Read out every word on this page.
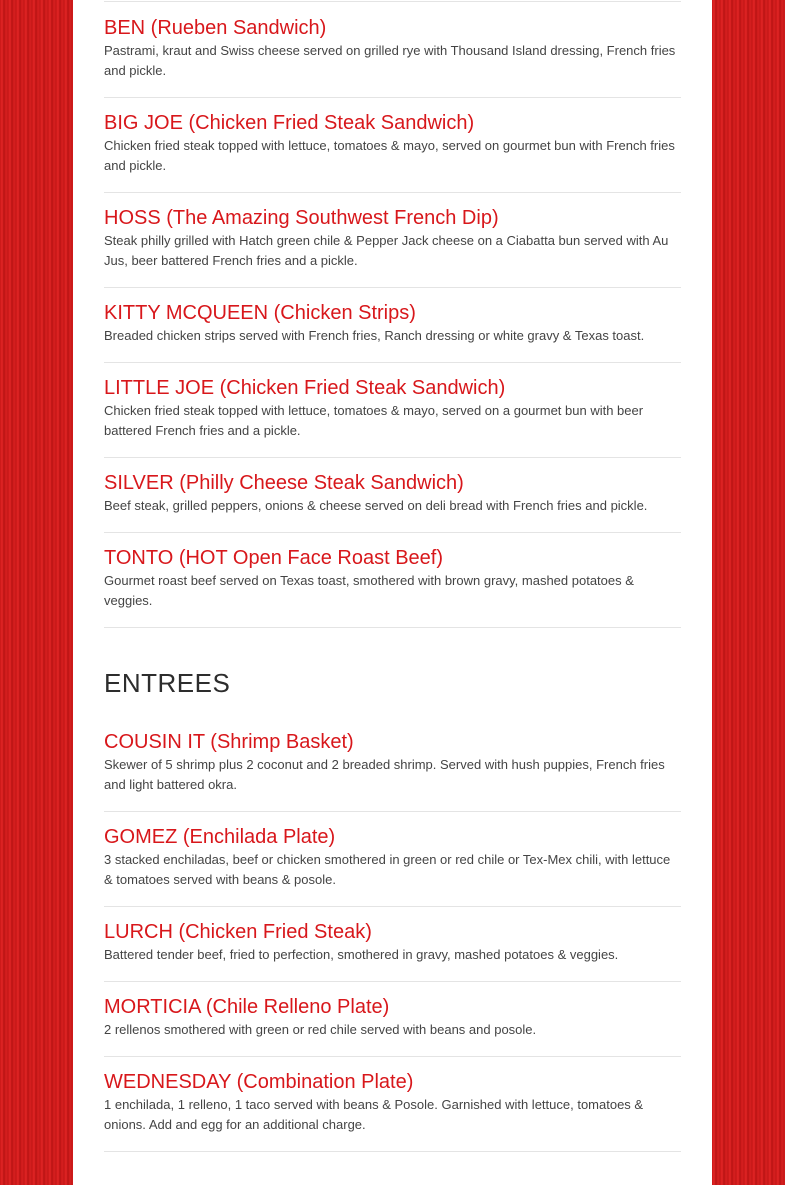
BEN (Rueben Sandwich)

Pastrami, kraut and Swiss cheese served on grilled rye with Thousand Island dressing, French fries and pickle.

BIG JOE (Chicken Fried Steak Sandwich)

Chicken fried steak topped with lettuce, tomatoes & mayo, served on gourmet bun with French fries and pickle.

HOSS (The Amazing Southwest French Dip)

Steak philly grilled with Hatch green chile & Pepper Jack cheese on a Ciabatta bun served with Au Jus, beer battered French fries and a pickle.

KITTY MCQUEEN (Chicken Strips)

Breaded chicken strips served with French fries, Ranch dressing or white gravy & Texas toast.

LITTLE JOE (Chicken Fried Steak Sandwich)

Chicken fried steak topped with lettuce, tomatoes & mayo, served on a gourmet bun with beer battered French fries and a pickle.

SILVER (Philly Cheese Steak Sandwich)

Beef steak, grilled peppers, onions & cheese served on deli bread with French fries and pickle.

TONTO (HOT Open Face Roast Beef)

Gourmet roast beef served on Texas toast, smothered with brown gravy, mashed potatoes & veggies.

ENTREES
COUSIN IT (Shrimp Basket)

Skewer of 5 shrimp plus 2 coconut and 2 breaded shrimp. Served with hush puppies, French fries and light battered okra.

GOMEZ (Enchilada Plate)

3 stacked enchiladas, beef or chicken smothered in green or red chile or Tex-Mex chili, with lettuce & tomatoes served with beans & posole.

LURCH (Chicken Fried Steak)

Battered tender beef, fried to perfection, smothered in gravy, mashed potatoes & veggies.

MORTICIA (Chile Relleno Plate)

2 rellenos smothered with green or red chile served with beans and posole.

WEDNESDAY (Combination Plate)

1 enchilada, 1 relleno, 1 taco served with beans & Posole. Garnished with lettuce, tomatoes & onions. Add and egg for an additional charge.
